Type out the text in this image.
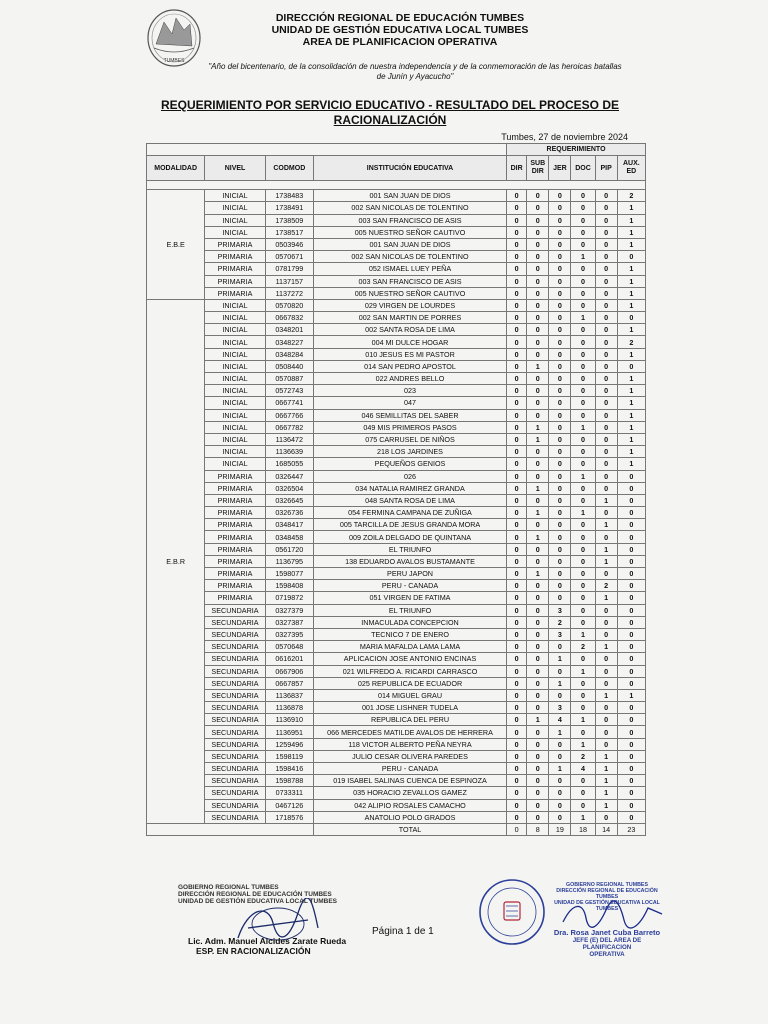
TUMBES
DIRECCIÓN REGIONAL DE EDUCACIÓN TUMBES
UNIDAD DE GESTIÓN EDUCATIVA LOCAL TUMBES
AREA DE PLANIFICACION OPERATIVA
"Año del bicentenario, de la consolidación de nuestra independencia y de la conmemoración de las heroicas batallas de Junín y Ayacucho"
REQUERIMIENTO POR SERVICIO EDUCATIVO - RESULTADO DEL PROCESO DE RACIONALIZACIÓN
Tumbes, 27 de noviembre 2024
				REQUERIMIENTO					
MODALIDAD	NIVEL	CODMOD	INSTITUCIÓN EDUCATIVA	DIR	SUB DIR	JER	DOC	PIP	AUX. ED

E.B.E	INICIAL	1738483	001 SAN JUAN DE DIOS	0	0	0	0	0	2
	INICIAL	1738491	002 SAN NICOLAS DE TOLENTINO	0	0	0	0	0	1
	INICIAL	1738509	003 SAN FRANCISCO DE ASIS	0	0	0	0	0	1
	INICIAL	1738517	005 NUESTRO SEÑOR CAUTIVO	0	0	0	0	0	1
	PRIMARIA	0503946	001 SAN JUAN DE DIOS	0	0	0	0	0	1
	PRIMARIA	0570671	002 SAN NICOLAS DE TOLENTINO	0	0	0	1	0	0
	PRIMARIA	0781799	052 ISMAEL LUEY PEÑA	0	0	0	0	0	1
	PRIMARIA	1137157	003 SAN FRANCISCO DE ASIS	0	0	0	0	0	1
	PRIMARIA	1137272	005 NUESTRO SEÑOR CAUTIVO	0	0	0	0	0	1
E.B.R	INICIAL	0570820	029 VIRGEN DE LOURDES	0	0	0	0	0	1
	INICIAL	0667832	002 SAN MARTIN DE PORRES	0	0	0	1	0	0
	INICIAL	0348201	002 SANTA ROSA DE LIMA	0	0	0	0	0	1
	INICIAL	0348227	004 MI DULCE HOGAR	0	0	0	0	0	2
	INICIAL	0348284	010 JESUS ES MI PASTOR	0	0	0	0	0	1
	INICIAL	0508440	014 SAN PEDRO APOSTOL	0	1	0	0	0	0
	INICIAL	0570887	022 ANDRES BELLO	0	0	0	0	0	1
	INICIAL	0572743	023	0	0	0	0	0	1
	INICIAL	0667741	047	0	0	0	0	0	1
	INICIAL	0667766	046 SEMILLITAS DEL SABER	0	0	0	0	0	1
	INICIAL	0667782	049 MIS PRIMEROS PASOS	0	1	0	1	0	1
	INICIAL	1136472	075 CARRUSEL DE NIÑOS	0	1	0	0	0	1
	INICIAL	1136639	218 LOS JARDINES	0	0	0	0	0	1
	INICIAL	1685055	PEQUEÑOS GENIOS	0	0	0	0	0	1
	PRIMARIA	0326447	026	0	0	0	1	0	0
	PRIMARIA	0326504	034 NATALIA RAMIREZ GRANDA	0	1	0	0	0	0
	PRIMARIA	0326645	048 SANTA ROSA DE LIMA	0	0	0	0	1	0
	PRIMARIA	0326736	054 FERMINA CAMPANA DE ZUÑIGA	0	1	0	1	0	0
	PRIMARIA	0348417	005 TARCILLA DE JESUS GRANDA MORA	0	0	0	0	1	0
	PRIMARIA	0348458	009 ZOILA DELGADO DE QUINTANA	0	1	0	0	0	0
	PRIMARIA	0561720	EL TRIUNFO	0	0	0	0	1	0
	PRIMARIA	1136795	138 EDUARDO AVALOS BUSTAMANTE	0	0	0	0	1	0
	PRIMARIA	1598077	PERU JAPON	0	1	0	0	0	0
	PRIMARIA	1598408	PERU - CANADA	0	0	0	0	2	0
	PRIMARIA	0719872	051 VIRGEN DE FATIMA	0	0	0	0	1	0
	SECUNDARIA	0327379	EL TRIUNFO	0	0	3	0	0	0
	SECUNDARIA	0327387	INMACULADA CONCEPCION	0	0	2	0	0	0
	SECUNDARIA	0327395	TECNICO 7 DE ENERO	0	0	3	1	0	0
	SECUNDARIA	0570648	MARIA MAFALDA LAMA LAMA	0	0	0	2	1	0
	SECUNDARIA	0616201	APLICACION JOSE ANTONIO ENCINAS	0	0	1	0	0	0
	SECUNDARIA	0667906	021 WILFREDO A. RICARDI CARRASCO	0	0	0	1	0	0
	SECUNDARIA	0667857	025 REPUBLICA DE ECUADOR	0	0	1	0	0	0
	SECUNDARIA	1136837	014 MIGUEL GRAU	0	0	0	0	1	1
	SECUNDARIA	1136878	001 JOSE LISHNER TUDELA	0	0	3	0	0	0
	SECUNDARIA	1136910	REPUBLICA DEL PERU	0	1	4	1	0	0
	SECUNDARIA	1136951	066 MERCEDES MATILDE AVALOS DE HERRERA	0	0	1	0	0	0
	SECUNDARIA	1259496	118 VICTOR ALBERTO PEÑA NEYRA	0	0	0	1	0	0
	SECUNDARIA	1598119	JULIO CESAR OLIVERA PAREDES	0	0	0	2	1	0
	SECUNDARIA	1598416	PERU - CANADA	0	0	1	4	1	0
	SECUNDARIA	1598788	019 ISABEL SALINAS CUENCA DE ESPINOZA	0	0	0	0	1	0
	SECUNDARIA	0733311	035 HORACIO ZEVALLOS GAMEZ	0	0	0	0	1	0
	SECUNDARIA	0467126	042 ALIPIO ROSALES CAMACHO	0	0	0	0	1	0
	SECUNDARIA	1718576	ANATOLIO POLO GRADOS	0	0	0	1	0	0
			TOTAL	0	8	19	18	14	23
GOBIERNO REGIONAL TUMBES
DIRECCIÓN REGIONAL DE EDUCACIÓN TUMBES
UNIDAD DE GESTIÓN EDUCATIVA LOCAL TUMBES
Lic. Adm. Manuel Alcides Zarate Rueda
ESP. EN RACIONALIZACIÓN
Página 1 de 1
GOBIERNO REGIONAL TUMBES
DIRECCIÓN REGIONAL DE EDUCACIÓN TUMBES
UNIDAD DE GESTIÓN EDUCATIVA LOCAL TUMBES
Dra. Rosa Janet Cuba Barreto
JEFE (E) DEL AREA DE PLANIFICACION
OPERATIVA
